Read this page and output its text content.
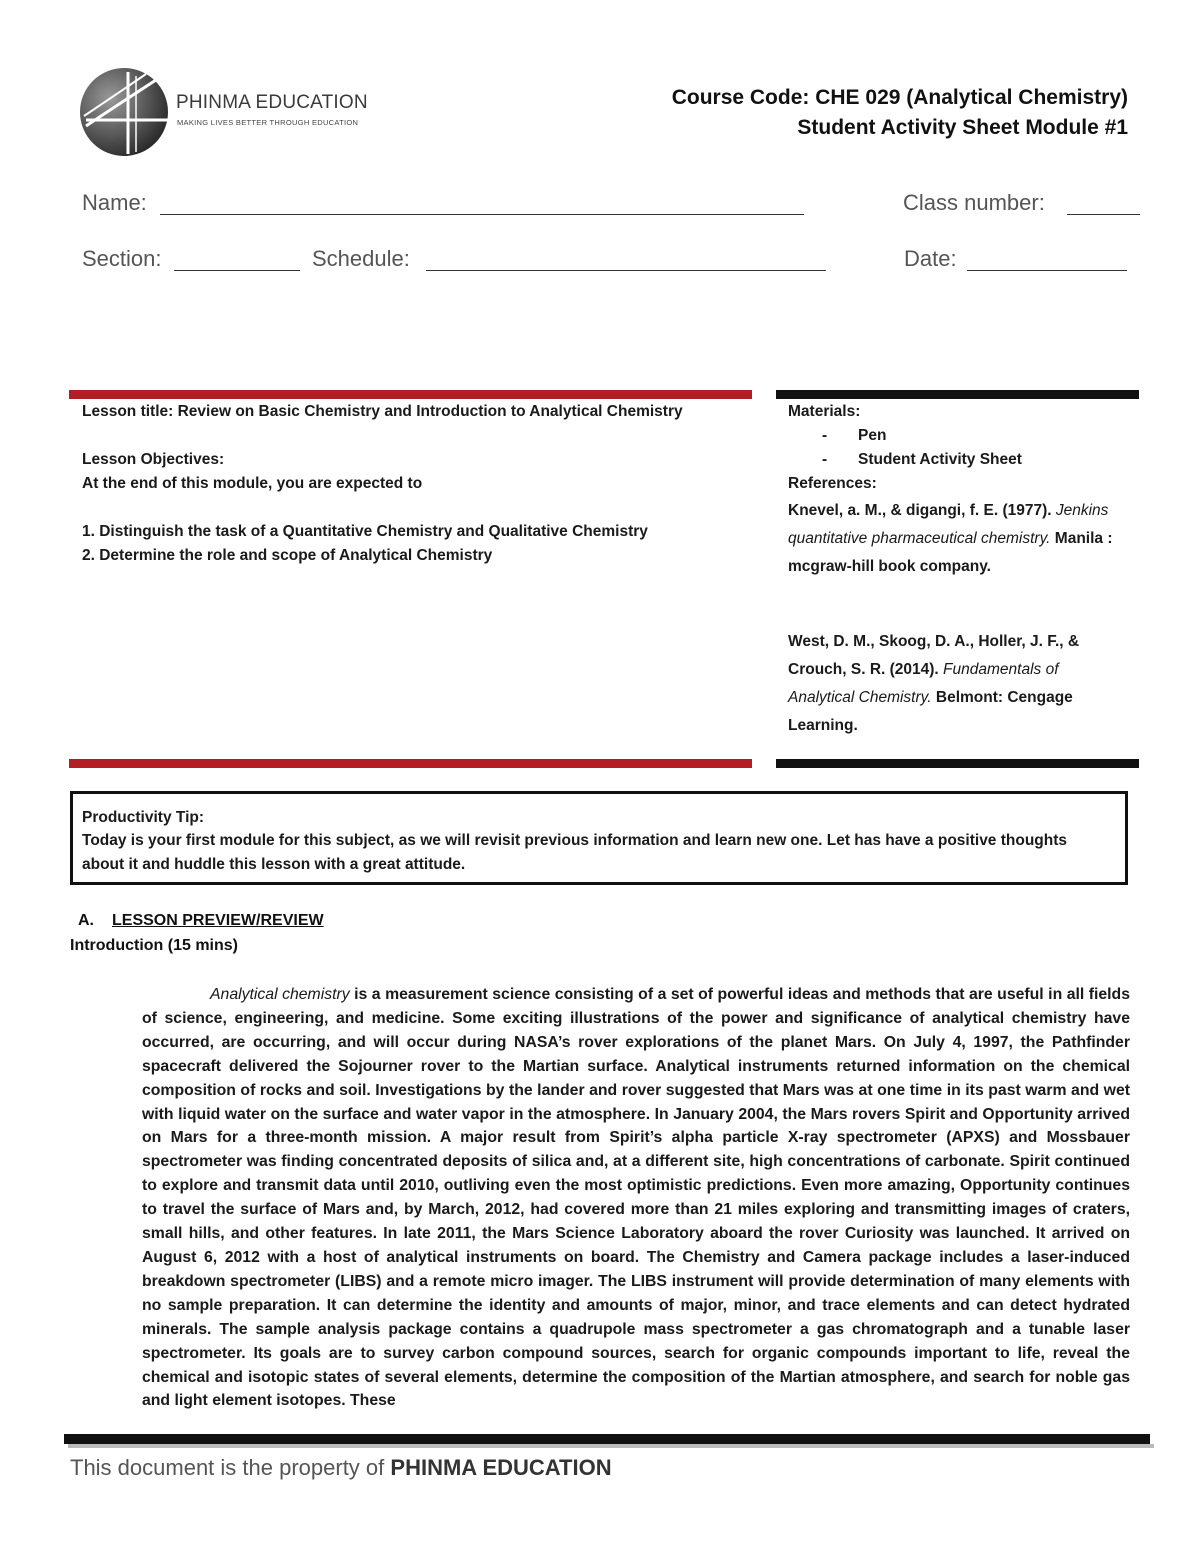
PHINMA EDUCATION
MAKING LIVES BETTER THROUGH EDUCATION
Course Code: CHE 029 (Analytical Chemistry)
Student Activity Sheet Module #1
Name:	Class number:
Section:	Schedule:	Date:
Lesson title: Review on Basic Chemistry and Introduction to Analytical Chemistry
Lesson Objectives:
At the end of this module, you are expected to
1. Distinguish the task of a Quantitative Chemistry and Qualitative Chemistry
2. Determine the role and scope of Analytical Chemistry
Materials:
- Pen
- Student Activity Sheet
References:
Knevel, a. M., & digangi, f. E. (1977). Jenkins quantitative pharmaceutical chemistry. Manila : mcgraw-hill book company.
West, D. M., Skoog, D. A., Holler, J. F., & Crouch, S. R. (2014). Fundamentals of Analytical Chemistry. Belmont: Cengage Learning.
Productivity Tip:
Today is your first module for this subject, as we will revisit previous information and learn new one. Let has have a positive thoughts about it and huddle this lesson with a great attitude.
A. LESSON PREVIEW/REVIEW
Introduction (15 mins)
Analytical chemistry is a measurement science consisting of a set of powerful ideas and methods that are useful in all fields of science, engineering, and medicine. Some exciting illustrations of the power and significance of analytical chemistry have occurred, are occurring, and will occur during NASA’s rover explorations of the planet Mars. On July 4, 1997, the Pathfinder spacecraft delivered the Sojourner rover to the Martian surface. Analytical instruments returned information on the chemical composition of rocks and soil. Investigations by the lander and rover suggested that Mars was at one time in its past warm and wet with liquid water on the surface and water vapor in the atmosphere. In January 2004, the Mars rovers Spirit and Opportunity arrived on Mars for a three-month mission. A major result from Spirit’s alpha particle X-ray spectrometer (APXS) and Mossbauer spectrometer was finding concentrated deposits of silica and, at a different site, high concentrations of carbonate. Spirit continued to explore and transmit data until 2010, outliving even the most optimistic predictions. Even more amazing, Opportunity continues to travel the surface of Mars and, by March, 2012, had covered more than 21 miles exploring and transmitting images of craters, small hills, and other features. In late 2011, the Mars Science Laboratory aboard the rover Curiosity was launched. It arrived on August 6, 2012 with a host of analytical instruments on board. The Chemistry and Camera package includes a laser-induced breakdown spectrometer (LIBS) and a remote micro imager. The LIBS instrument will provide determination of many elements with no sample preparation. It can determine the identity and amounts of major, minor, and trace elements and can detect hydrated minerals. The sample analysis package contains a quadrupole mass spectrometer a gas chromatograph and a tunable laser spectrometer. Its goals are to survey carbon compound sources, search for organic compounds important to life, reveal the chemical and isotopic states of several elements, determine the composition of the Martian atmosphere, and search for noble gas and light element isotopes. These
This document is the property of PHINMA EDUCATION
